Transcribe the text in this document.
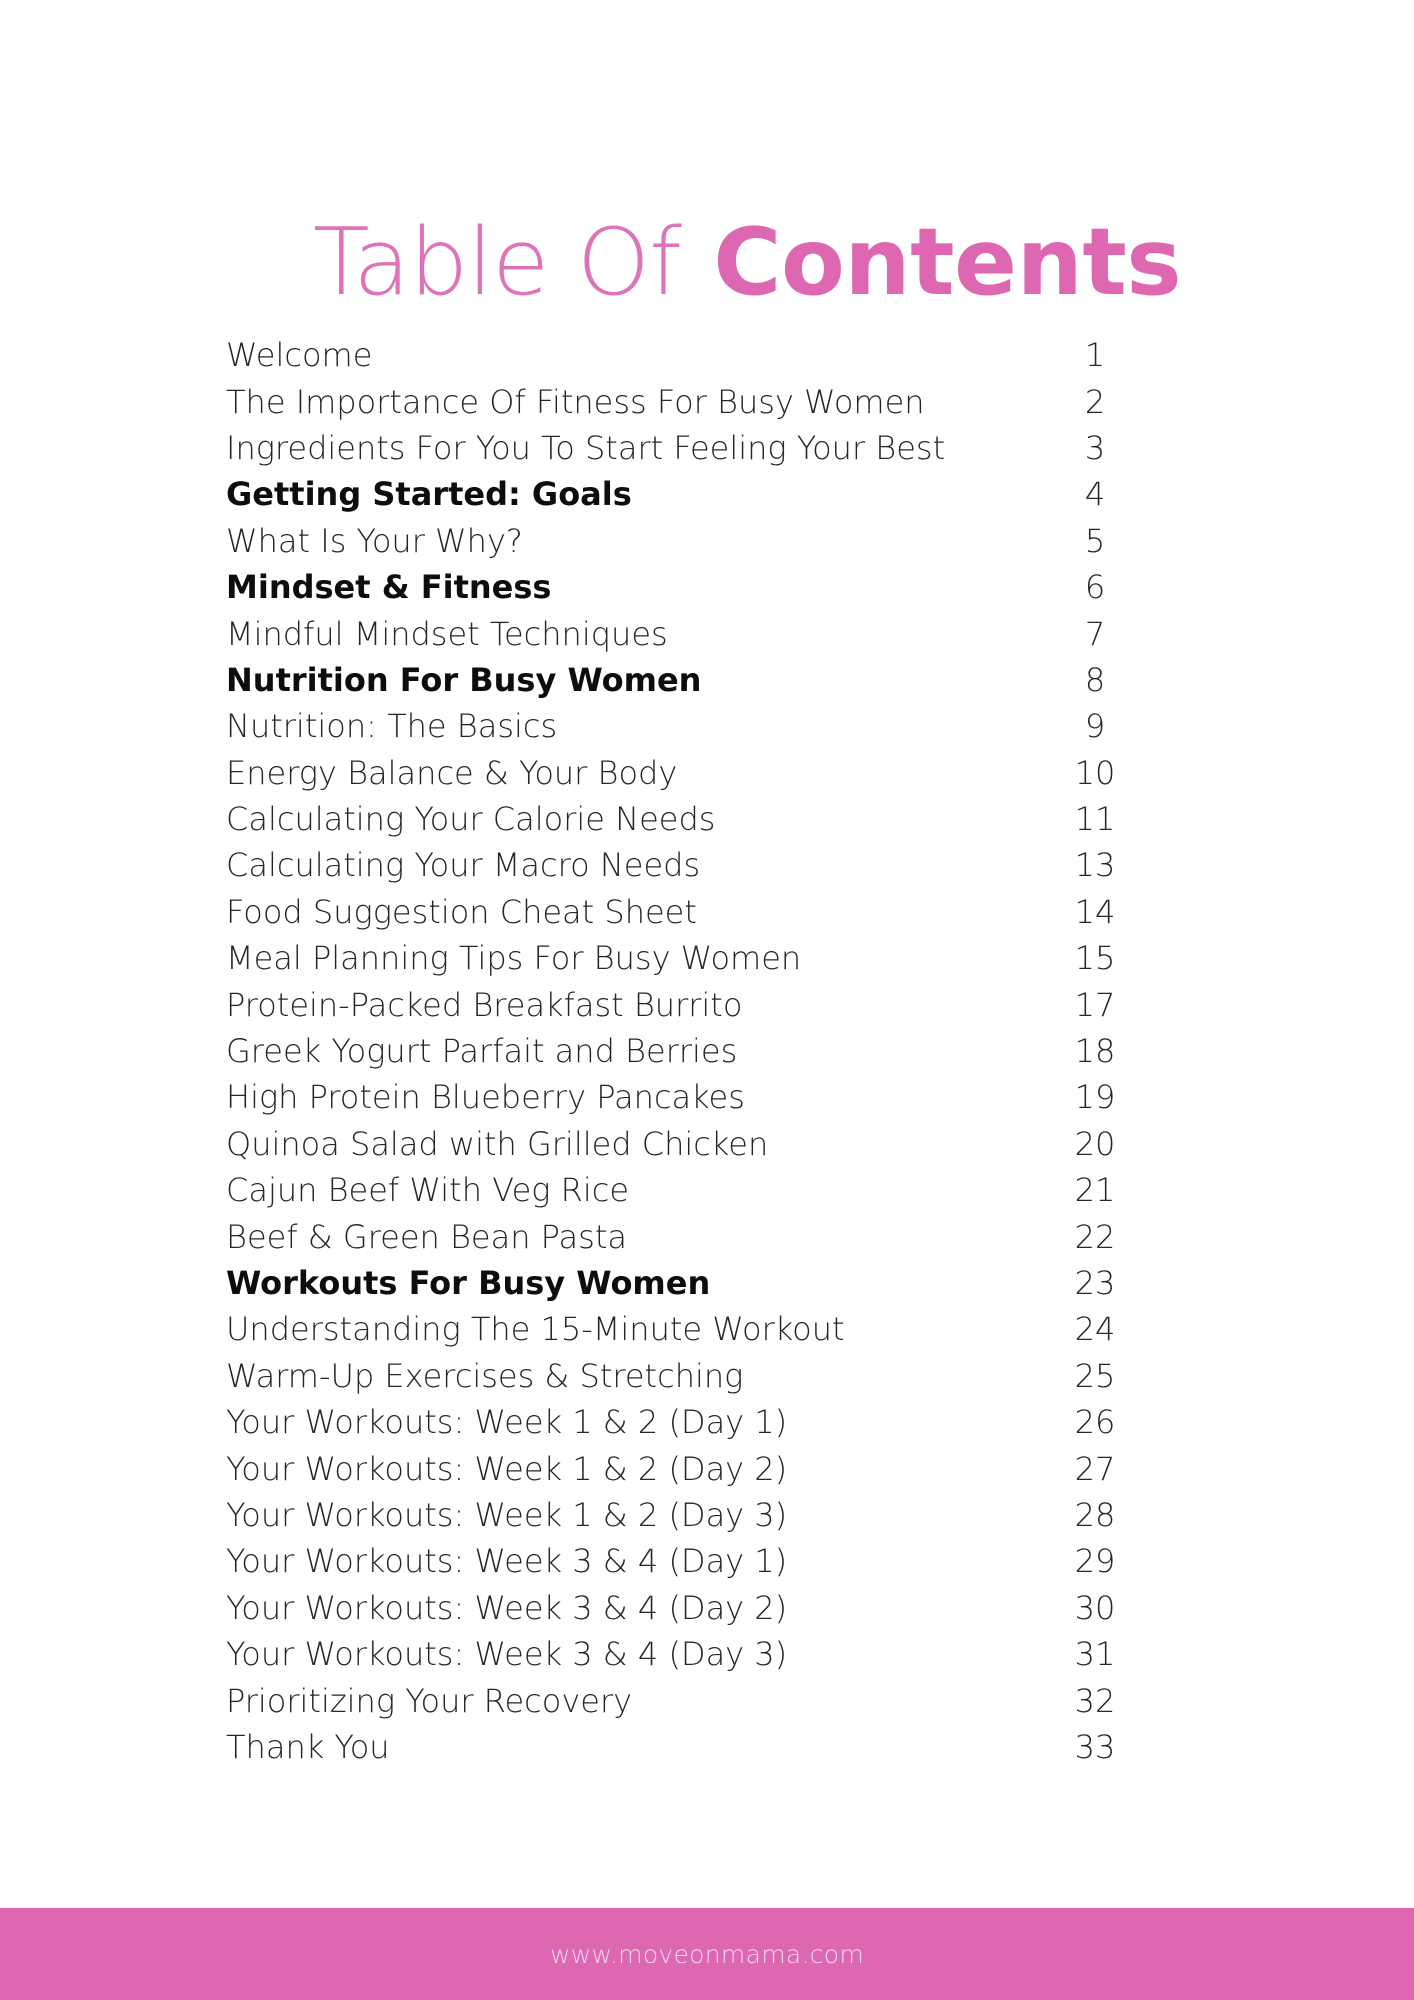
Table Of Contents
Welcome	1
The Importance Of Fitness For Busy Women	2
Ingredients For You To Start Feeling Your Best	3
Getting Started: Goals	4
What Is Your Why?	5
Mindset & Fitness	6
Mindful Mindset Techniques	7
Nutrition For Busy Women	8
Nutrition: The Basics	9
Energy Balance & Your Body	10
Calculating Your Calorie Needs	11
Calculating Your Macro Needs	13
Food Suggestion Cheat Sheet	14
Meal Planning Tips For Busy Women	15
Protein-Packed Breakfast Burrito	17
Greek Yogurt Parfait and Berries	18
High Protein Blueberry Pancakes	19
Quinoa Salad with Grilled Chicken	20
Cajun Beef With Veg Rice	21
Beef & Green Bean Pasta	22
Workouts For Busy Women	23
Understanding The 15-Minute Workout	24
Warm-Up Exercises & Stretching	25
Your Workouts: Week 1 & 2 (Day 1)	26
Your Workouts: Week 1 & 2 (Day 2)	27
Your Workouts: Week 1 & 2 (Day 3)	28
Your Workouts: Week 3 & 4 (Day 1)	29
Your Workouts: Week 3 & 4 (Day 2)	30
Your Workouts: Week 3 & 4 (Day 3)	31
Prioritizing Your Recovery	32
Thank You	33
www.moveonmama.com
